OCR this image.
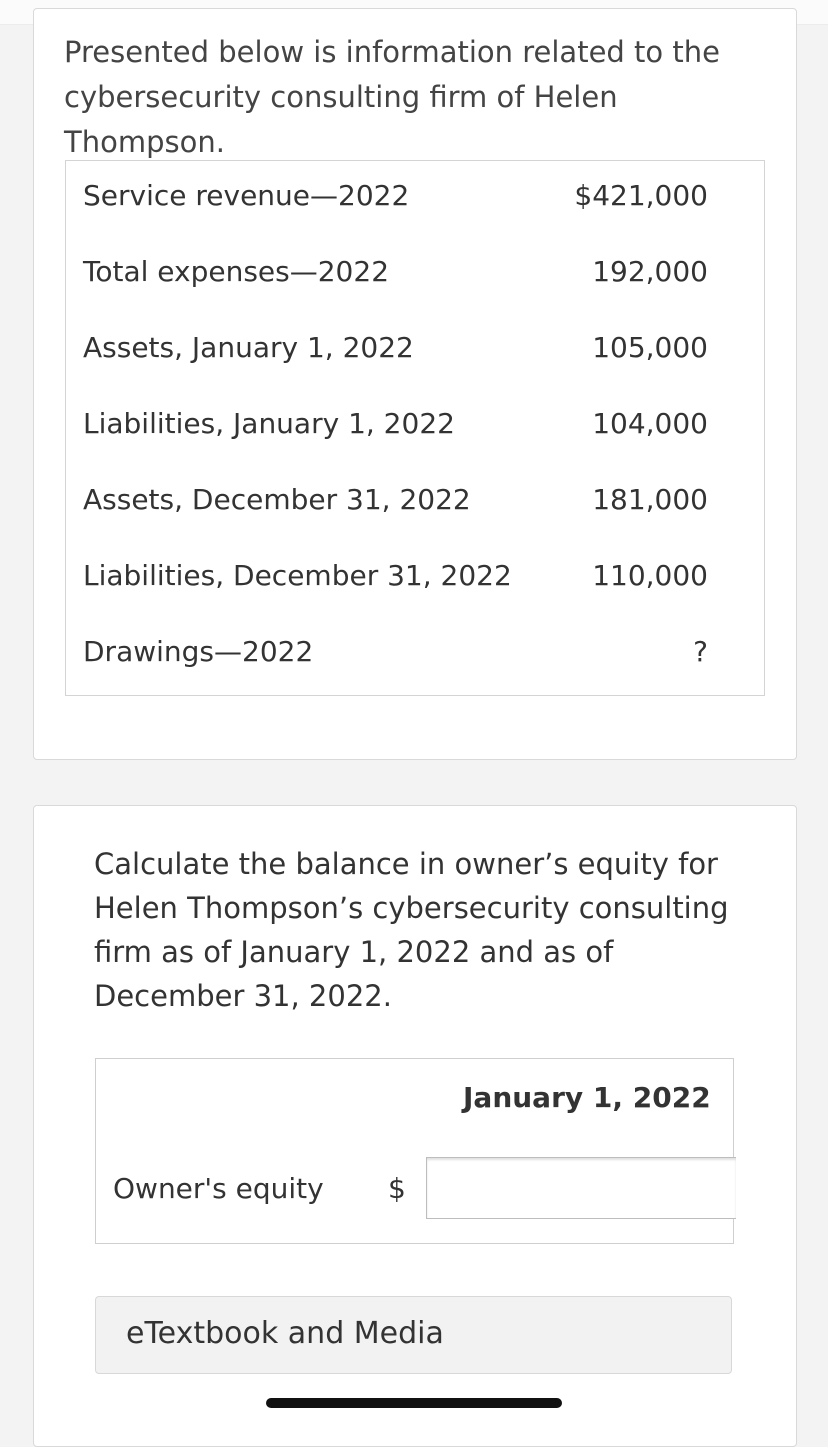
Presented below is information related to the cybersecurity consulting firm of Helen Thompson.

Service revenue—2022	$421,000
Total expenses—2022	192,000
Assets, January 1, 2022	105,000
Liabilities, January 1, 2022	104,000
Assets, December 31, 2022	181,000
Liabilities, December 31, 2022	110,000
Drawings—2022	?
Calculate the balance in owner’s equity for Helen Thompson’s cybersecurity consulting firm as of January 1, 2022 and as of December 31, 2022.
January 1, 2022
Owner's equity $
eTextbook and Media
